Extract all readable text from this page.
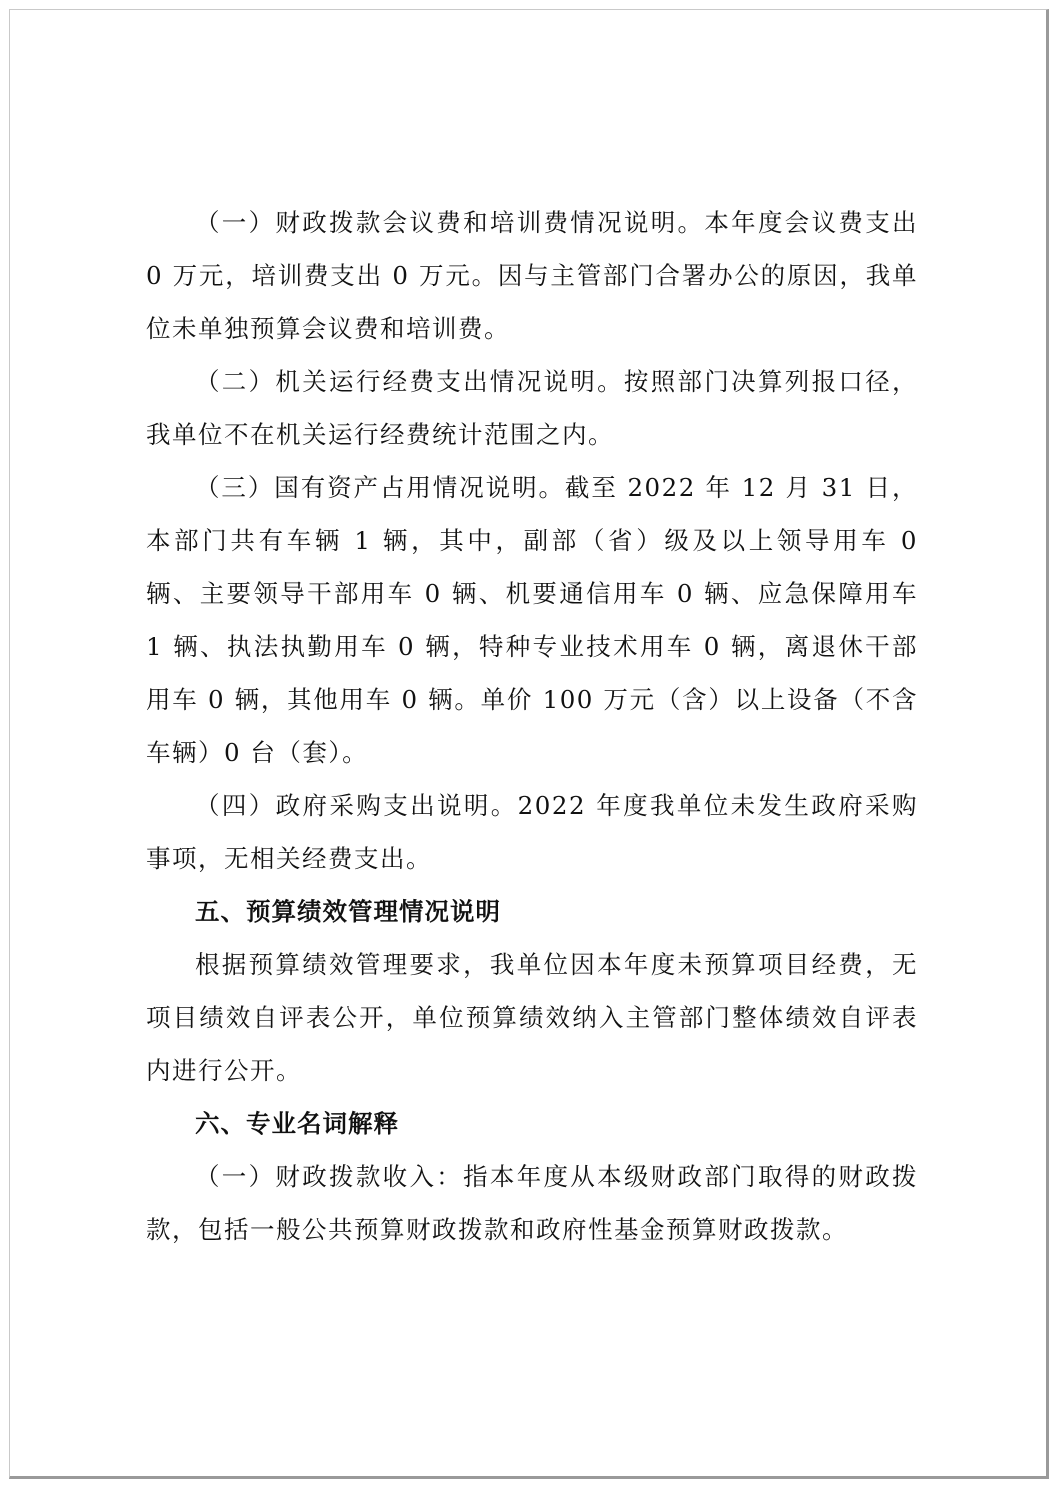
（一）财政拨款会议费和培训费情况说明。本年度会议费支出 0 万元，培训费支出 0 万元。因与主管部门合署办公的原因，我单位未单独预算会议费和培训费。

（二）机关运行经费支出情况说明。按照部门决算列报口径，我单位不在机关运行经费统计范围之内。

（三）国有资产占用情况说明。截至 2022 年 12 月 31 日，本部门共有车辆 1 辆，其中，副部（省）级及以上领导用车 0 辆、主要领导干部用车 0 辆、机要通信用车 0 辆、应急保障用车 1 辆、执法执勤用车 0 辆，特种专业技术用车 0 辆，离退休干部用车 0 辆，其他用车 0 辆。单价 100 万元（含）以上设备（不含车辆）0 台（套）。

（四）政府采购支出说明。2022 年度我单位未发生政府采购事项，无相关经费支出。

五、预算绩效管理情况说明

根据预算绩效管理要求，我单位因本年度未预算项目经费，无项目绩效自评表公开，单位预算绩效纳入主管部门整体绩效自评表内进行公开。

六、专业名词解释

（一）财政拨款收入：指本年度从本级财政部门取得的财政拨款，包括一般公共预算财政拨款和政府性基金预算财政拨款。
